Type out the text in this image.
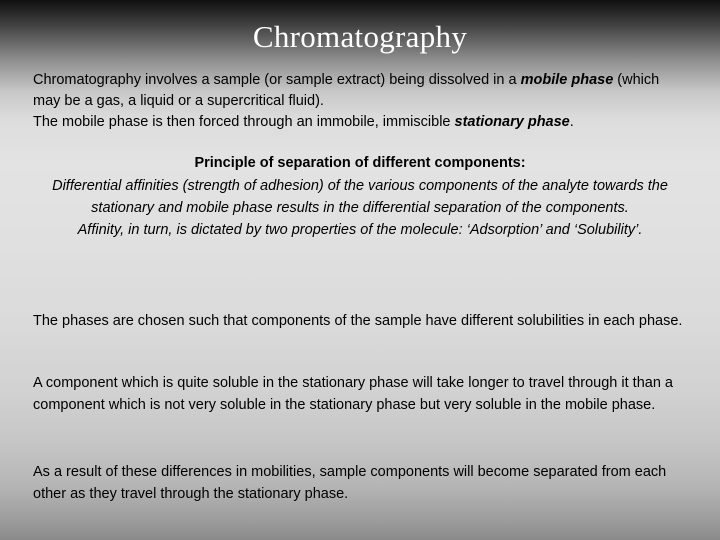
Chromatography
Chromatography involves a sample (or sample extract) being dissolved in a mobile phase (which may be a gas, a liquid or a supercritical fluid).
The mobile phase is then forced through an immobile, immiscible stationary phase.
Principle of separation of different components:
Differential affinities (strength of adhesion) of the various components of the analyte towards the stationary and mobile phase results in the differential separation of the components.
Affinity, in turn, is dictated by two properties of the molecule: ‘Adsorption’ and ‘Solubility’.
The phases are chosen such that components of the sample have different solubilities in each phase.
A component which is quite soluble in the stationary phase will take longer to travel through it than a component which is not very soluble in the stationary phase but very soluble in the mobile phase.
As a result of these differences in mobilities, sample components will become separated from each other as they travel through the stationary phase.
